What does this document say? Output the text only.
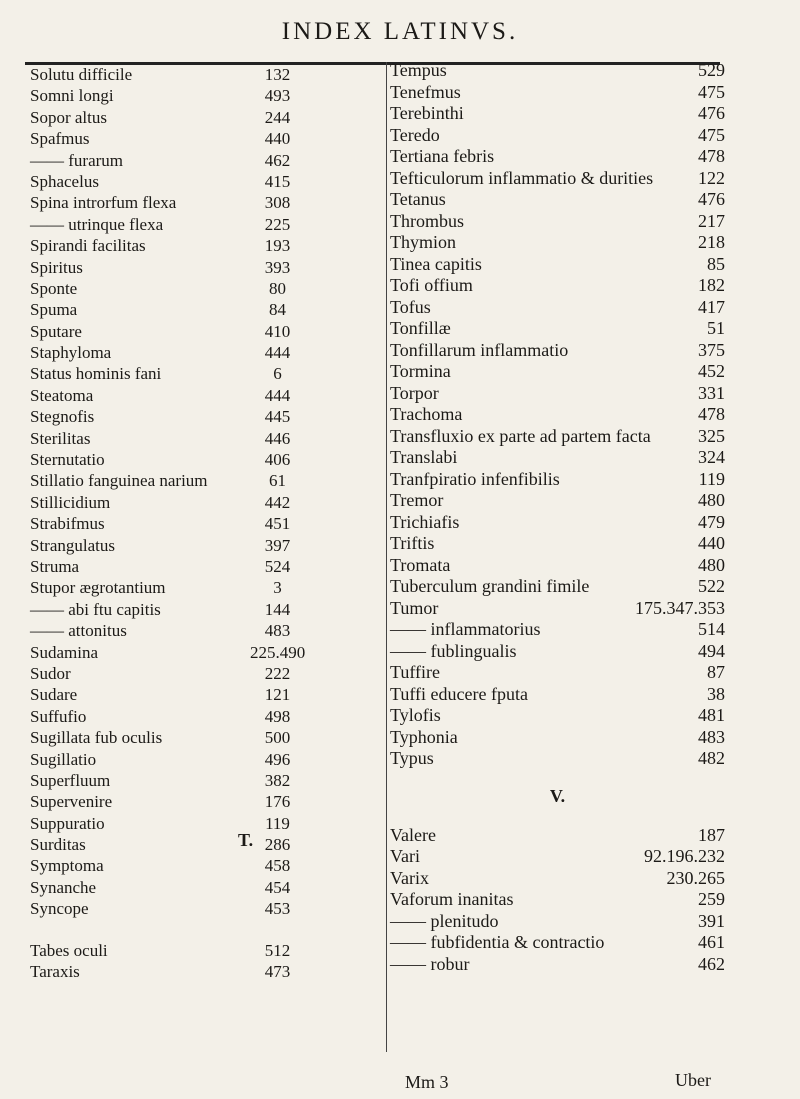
INDEX LATINVS.
Solutu difficile	132
Somni longi	493
Sopor altus	244
Spafmus	440
—— furarum	462
Sphacelus	415
Spina introrfum flexa	308
—— utrinque flexa	225
Spirandi facilitas	193
Spiritus	393
Sponte	80
Spuma	84
Sputare	410
Staphyloma	444
Status hominis fani	6
Steatoma	444
Stegnofis	445
Sterilitas	446
Sternutatio	406
Stillatio fanguinea narium	61
Stillicidium	442
Strabifmus	451
Strangulatus	397
Struma	524
Stupor ægrotantium	3
—— abi ftu capitis	144
—— attonitus	483
Sudamina	225.490
Sudor	222
Sudare	121
Suffufio	498
Sugillata fub oculis	500
Sugillatio	496
Superfluum	382
Supervenire	176
Suppuratio	119
Surditas	286
Symptoma	458
Synanche	454
Syncope	453
Tabes oculi	512
Taraxis	473
T.
Tempus	529
Tenefmus	475
Terebinthi	476
Teredo	475
Tertiana febris	478
Tefticulorum inflammatio & durities 122
Tetanus	476
Thrombus	217
Thymion	218
Tinea capitis	85
Tofi offium	182
Tofus	417
Tonfillæ	51
Tonfillarum inflammatio	375
Tormina	452
Torpor	331
Trachoma	478
Transfluxio ex parte ad partem facta	325
Translabi	324
Tranfpiratio infenfibilis	119
Tremor	480
Trichiafis	479
Triftis	440
Tromata	480
Tuberculum grandini fimile	522
Tumor	175.347.353
—— inflammatorius	514
—— fublingualis	494
Tuffire	87
Tuffi educere fputa	38
Tylofis	481
Typhonia	483
Typus	482
V.
Valere	187
Vari	92.196.232
Varix	230.265
Vaforum inanitas	259
—— plenitudo	391
—— fubfidentia & contractio	461
—— robur	462
Mm 3	Uber
